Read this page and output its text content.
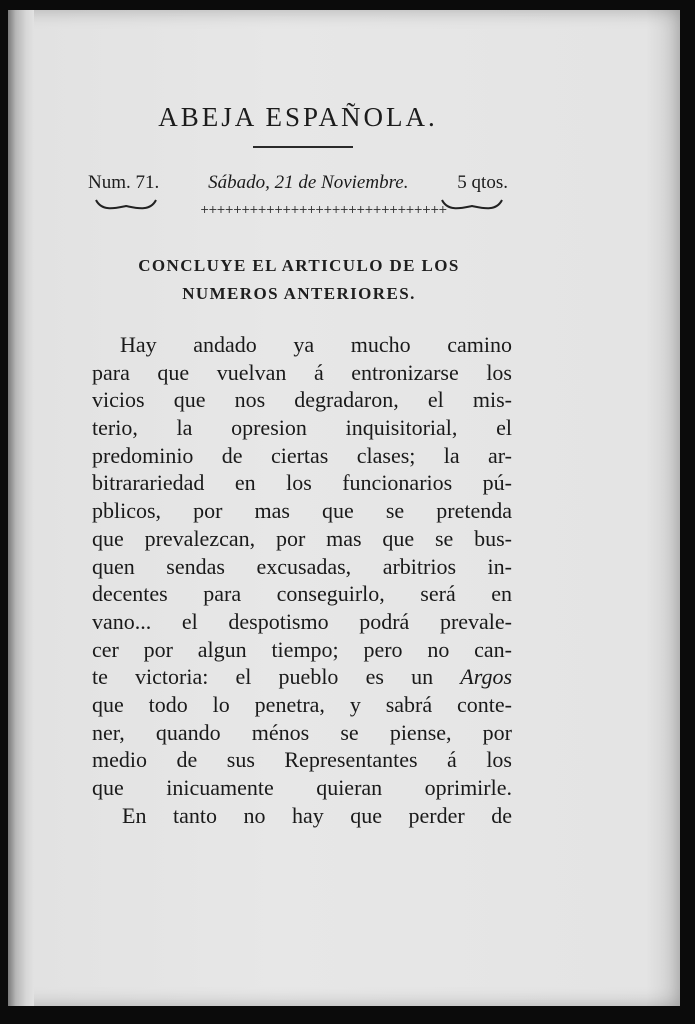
ABEJA ESPAÑOLA.
Num. 71.	Sábado, 21 de Noviembre.	5 qtos.
++++++++++++++++++++++++++++++
CONCLUYE EL ARTICULO DE LOS
NUMEROS ANTERIORES.
Hay andado ya mucho camino
para que vuelvan á entronizarse los
vicios que nos degradaron, el mis-
terio, la opresion inquisitorial, el
predominio de ciertas clases; la ar-
bitrarariedad en los funcionarios pú-
pblicos, por mas que se pretenda
que prevalezcan, por mas que se bus-
quen sendas excusadas, arbitrios in-
decentes para conseguirlo, será en
vano... el despotismo podrá prevale-
cer por algun tiempo; pero no can-
te victoria: el pueblo es un Argos
que todo lo penetra, y sabrá conte-
ner, quando ménos se piense, por
medio de sus Representantes á los
que inicuamente quieran oprimirle.
En tanto no hay que perder de
